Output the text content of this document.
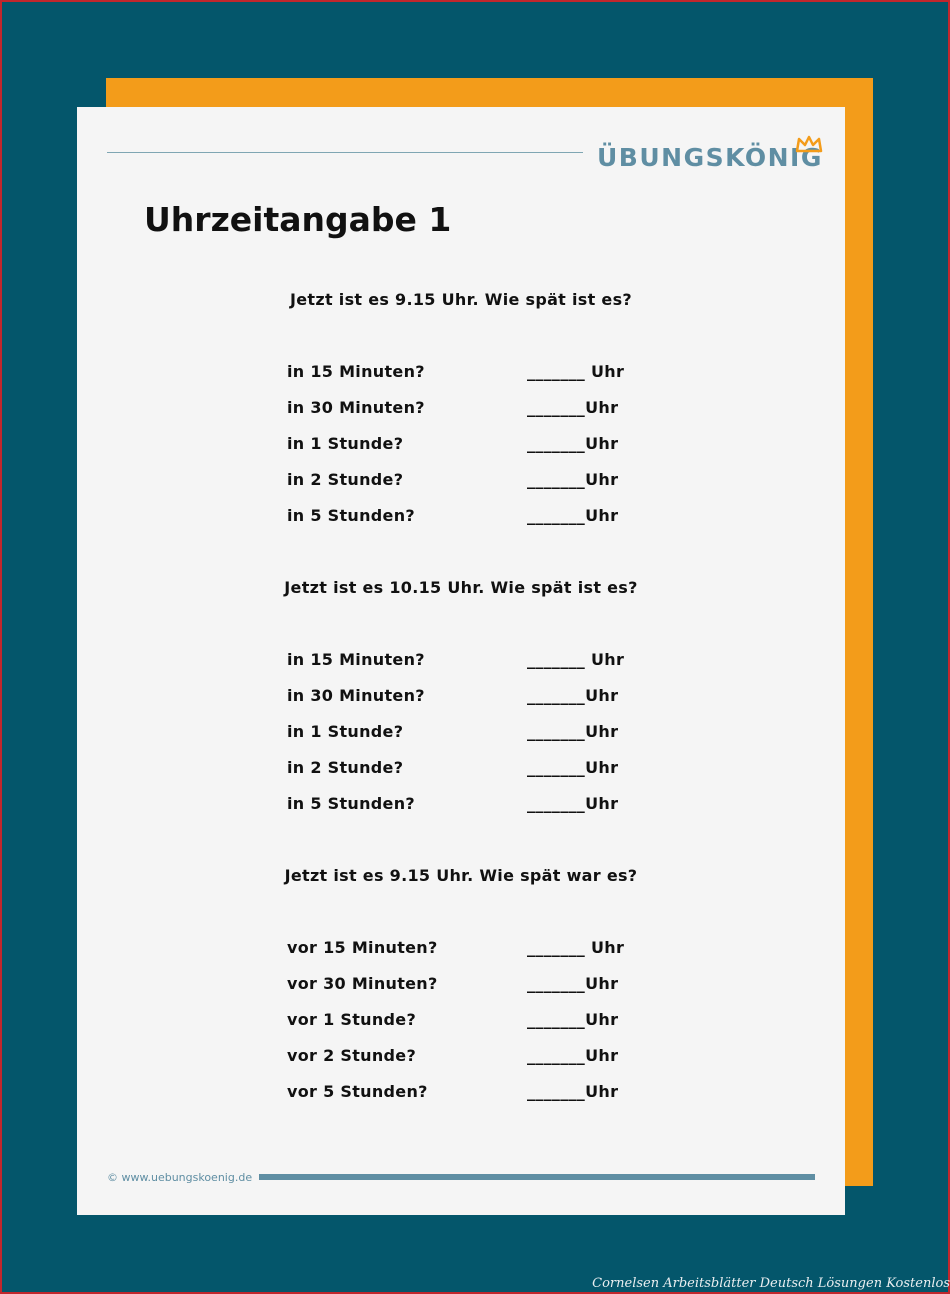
ÜBUNGSKÖNIG
Uhrzeitangabe 1
Jetzt ist es 9.15 Uhr. Wie spät ist es?
in 15 Minuten?	_______ Uhr
in 30 Minuten?	_______Uhr
in 1 Stunde?	_______Uhr
in 2 Stunde?	_______Uhr
in 5 Stunden?	_______Uhr
Jetzt ist es 10.15 Uhr. Wie spät ist es?
in 15 Minuten?	_______ Uhr
in 30 Minuten?	_______Uhr
in 1 Stunde?	_______Uhr
in 2 Stunde?	_______Uhr
in 5 Stunden?	_______Uhr
Jetzt ist es 9.15 Uhr. Wie spät war es?
vor 15 Minuten?	_______ Uhr
vor 30 Minuten?	_______Uhr
vor 1 Stunde?	_______Uhr
vor 2 Stunde?	_______Uhr
vor 5 Stunden?	_______Uhr
© www.uebungskoenig.de
Cornelsen Arbeitsblätter Deutsch Lösungen Kostenlos
